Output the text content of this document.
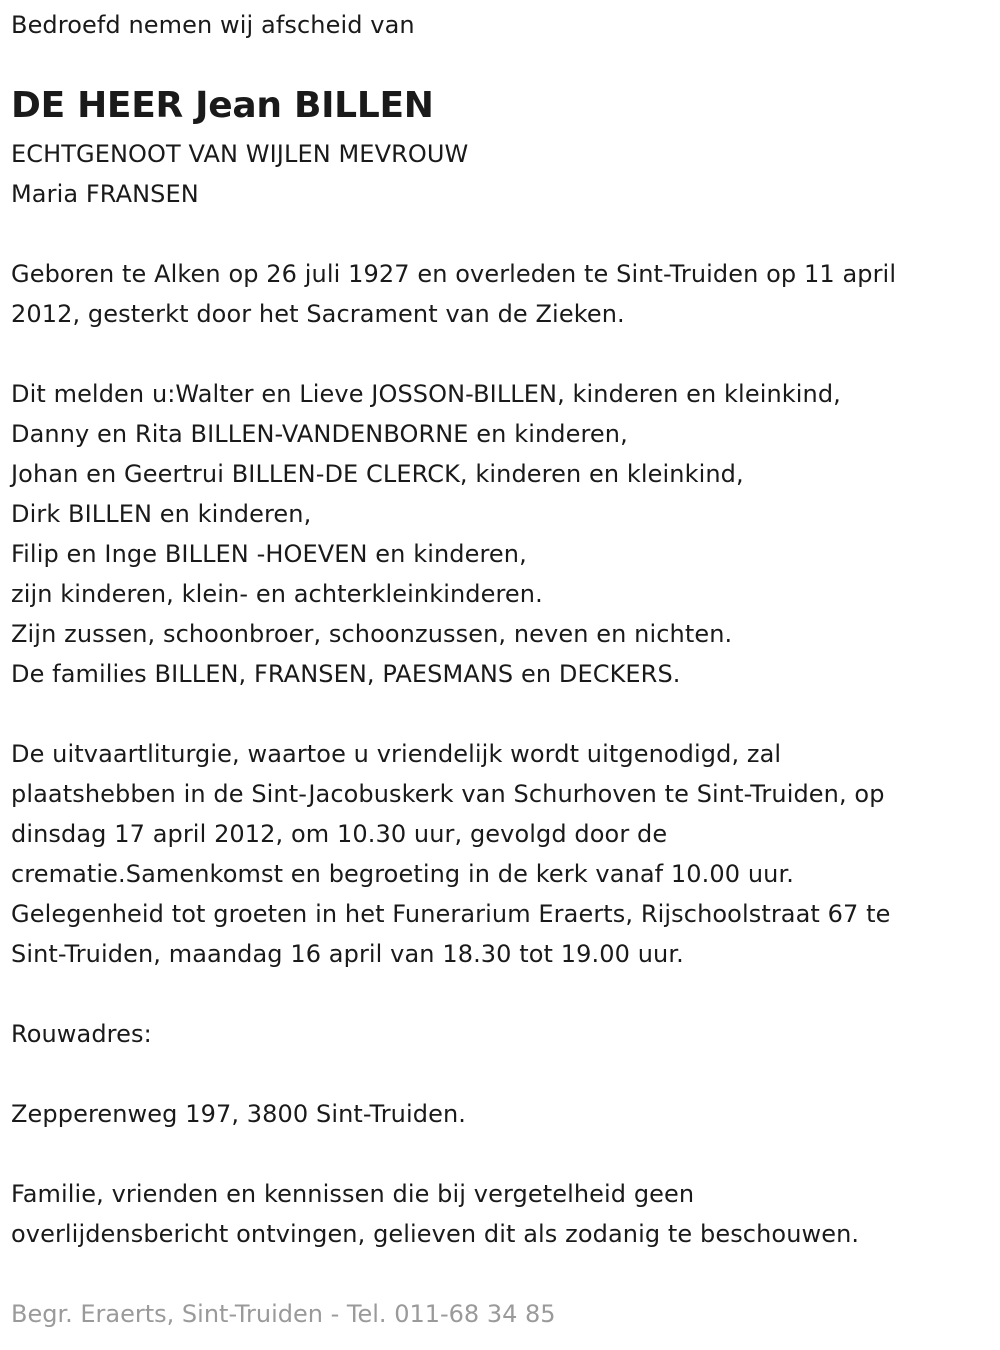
Bedroefd nemen wij afscheid van
DE HEER Jean BILLEN
ECHTGENOOT VAN WIJLEN MEVROUW
Maria FRANSEN
Geboren te Alken op 26 juli 1927 en overleden te Sint-Truiden op 11 april
2012, gesterkt door het Sacrament van de Zieken.
Dit melden u:Walter en Lieve JOSSON-BILLEN, kinderen en kleinkind,
Danny en Rita BILLEN-VANDENBORNE en kinderen,
Johan en Geertrui BILLEN-DE CLERCK, kinderen en kleinkind,
Dirk BILLEN en kinderen,
Filip en Inge BILLEN -HOEVEN en kinderen,
zijn kinderen, klein- en achterkleinkinderen.
Zijn zussen, schoonbroer, schoonzussen, neven en nichten.
De families BILLEN, FRANSEN, PAESMANS en DECKERS.
De uitvaartliturgie, waartoe u vriendelijk wordt uitgenodigd, zal
plaatshebben in de Sint-Jacobuskerk van Schurhoven te Sint-Truiden, op
dinsdag 17 april 2012, om 10.30 uur, gevolgd door de
crematie.Samenkomst en begroeting in de kerk vanaf 10.00 uur.
Gelegenheid tot groeten in het Funerarium Eraerts, Rijschoolstraat 67 te
Sint-Truiden, maandag 16 april van 18.30 tot 19.00 uur.
Rouwadres:
Zepperenweg 197, 3800 Sint-Truiden.
Familie, vrienden en kennissen die bij vergetelheid geen
overlijdensbericht ontvingen, gelieven dit als zodanig te beschouwen.
Begr. Eraerts, Sint-Truiden - Tel. 011-68 34 85
